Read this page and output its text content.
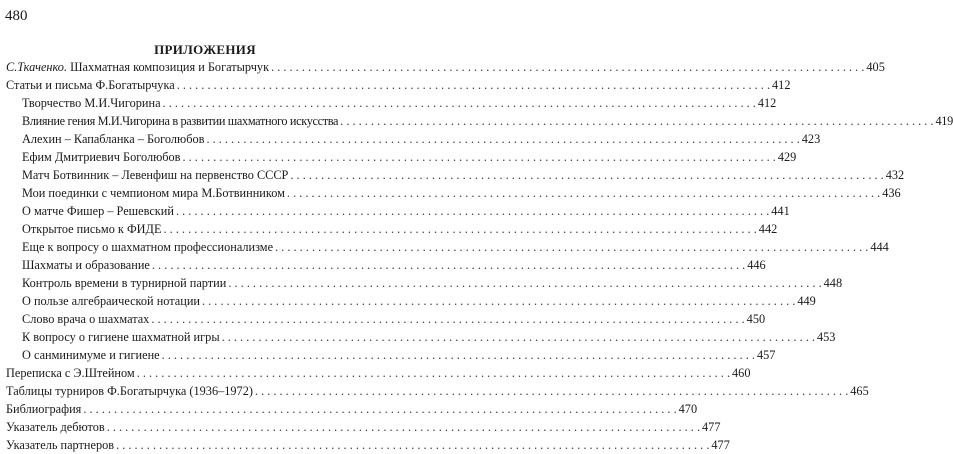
480
ПРИЛОЖЕНИЯ
С.Ткаченко. Шахматная композиция и Богатырчук . . .	405
Статьи и письма Ф.Богатырчука . . .	412
Творчество М.И.Чигорина . . .	412
Влияние гения М.И.Чигорина в развитии шахматного искусства . . .	419
Алехин – Капабланка – Боголюбов . . .	423
Ефим Дмитриевич Боголюбов . . .	429
Матч Ботвинник – Левенфиш на первенство СССР . . .	432
Мои поединки с чемпионом мира М.Ботвинником . . .	436
О матче Фишер – Решевский . . .	441
Открытое письмо к ФИДЕ . . .	442
Еще к вопросу о шахматном профессионализме . . .	444
Шахматы и образование . . .	446
Контроль времени в турнирной партии . . .	448
О пользе алгебраической нотации . . .	449
Слово врача о шахматах . . .	450
К вопросу о гигиене шахматной игры . . .	453
О санминимуме и гигиене . . .	457
Переписка с Э.Штейном . . .	460
Таблицы турниров Ф.Богатырчука (1936–1972) . . .	465
Библиография . . .	470
Указатель дебютов . . .	477
Указатель партнеров . . .	477
